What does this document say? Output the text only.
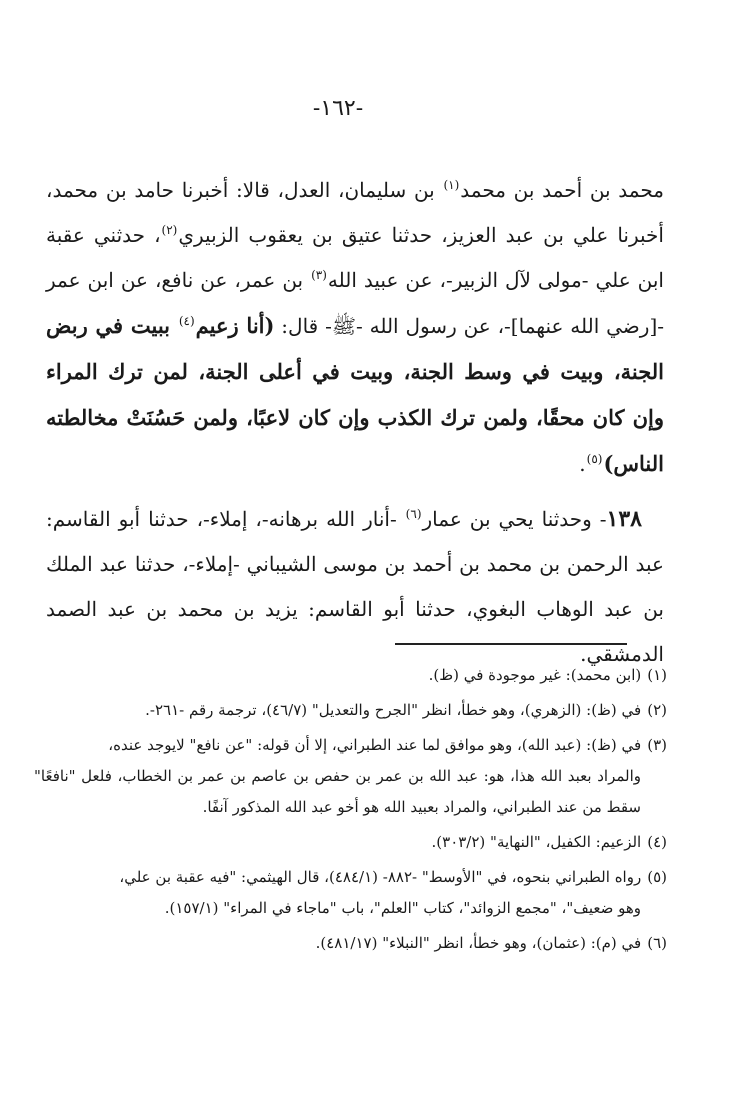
-١٦٢-

محمد بن أحمد بن محمد$^{(١)}$ بن سليمان، العدل، قالا: أخبرنا حامد بن محمد، أخبرنا علي بن عبد العزيز، حدثنا عتيق بن يعقوب الزبيري$^{(٢)}$، حدثني عقبة ابن علي -مولى لآل الزبير-، عن عبيد الله$^{(٣)}$ بن عمر، عن نافع، عن ابن عمر -[رضي الله عنهما]-، عن رسول الله -ﷺ- قال: (أنا زعيم$^{(٤)}$ ببيت في ربض الجنة، وبيت في وسط الجنة، وبيت في أعلى الجنة، لمن ترك المراء وإن كان محقًا، ولمن ترك الكذب وإن كان لاعبًا، ولمن حَسُنَتْ مخالطته الناس)$^{(٥)}$.

١٣٨- وحدثنا يحي بن عمار$^{(٦)}$ -أنار الله برهانه-، إملاء-، حدثنا أبو القاسم: عبد الرحمن بن محمد بن أحمد بن موسى الشيباني -إملاء-، حدثنا عبد الملك بن عبد الوهاب البغوي، حدثنا أبو القاسم: يزيد بن محمد بن عبد الصمد الدمشقي.

(١)(ابن محمد): غير موجودة في (ظ).
(٢)في (ظ): (الزهري)، وهو خطأ، انظر "الجرح والتعديل" (٤٦/٧)، ترجمة رقم -٢٦١-.
(٣)في (ظ): (عبد الله)، وهو موافق لما عند الطبراني، إلا أن قوله: "عن نافع" لايوجد عنده،
والمراد بعبد الله هذا، هو: عبد الله بن عمر بن حفص بن عاصم بن عمر بن الخطاب، فلعل "نافعًا" سقط من عند الطبراني، والمراد بعبيد الله هو أخو عبد الله المذكور آنفًا.
(٤)الزعيم: الكفيل، "النهاية" (٣٠٣/٢).
(٥)رواه الطبراني بنحوه، في "الأوسط" -٨٨٢- (٤٨٤/١)، قال الهيثمي: "فيه عقبة بن علي،
وهو ضعيف"، "مجمع الزوائد"، كتاب "العلم"، باب "ماجاء في المراء" (١٥٧/١).
(٦)في (م): (عثمان)، وهو خطأ، انظر "النبلاء" (٤٨١/١٧).
